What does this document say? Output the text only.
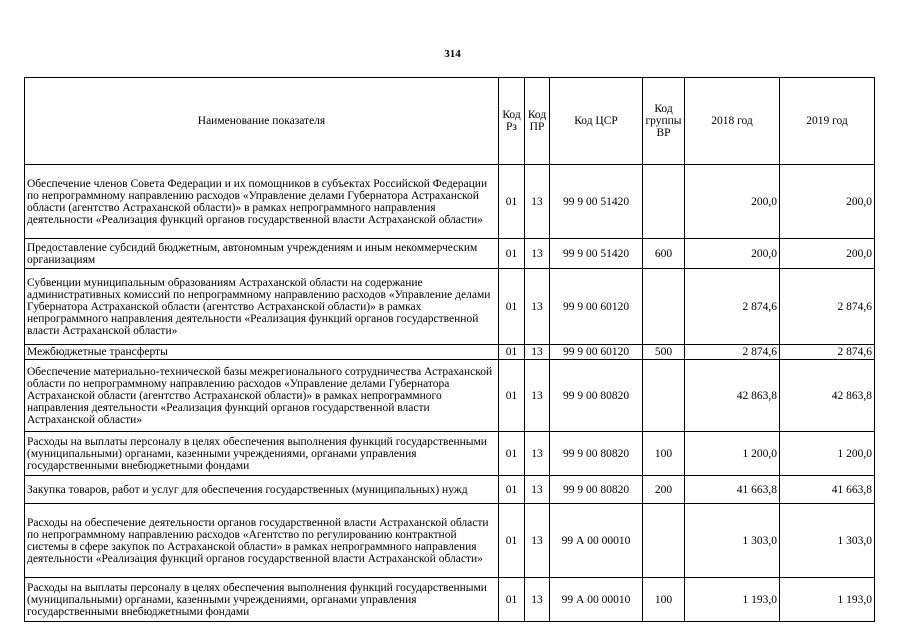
314
Наименование показателя	Код Рз	Код ПР	Код ЦСР	Код группы ВР	2018 год	2019 год
Обеспечение членов Совета Федерации и их помощников в субъектах Российской Федерации по непрограммному направлению расходов «Управление делами Губернатора Астраханской области (агентство Астраханской области)» в рамках непрограммного направления деятельности «Реализация функций органов государственной власти Астраханской области»	01	13	99 9 00 51420		200,0	200,0
Предоставление субсидий бюджетным, автономным учреждениям и иным некоммерческим организациям	01	13	99 9 00 51420	600	200,0	200,0
Субвенции муниципальным образованиям Астраханской области на содержание административных комиссий по непрограммному направлению расходов «Управление делами Губернатора Астраханской области (агентство Астраханской области)» в рамках непрограммного направления деятельности «Реализация функций органов государственной власти Астраханской области»	01	13	99 9 00 60120		2 874,6	2 874,6
Межбюджетные трансферты	01	13	99 9 00 60120	500	2 874,6	2 874,6
Обеспечение материально-технической базы межрегионального сотрудничества Астраханской области по непрограммному направлению расходов «Управление делами Губернатора Астраханской области (агентство Астраханской области)» в рамках непрограммного направления деятельности «Реализация функций органов государственной власти Астраханской области»	01	13	99 9 00 80820		42 863,8	42 863,8
Расходы на выплаты персоналу в целях обеспечения выполнения функций государственными (муниципальными) органами, казенными учреждениями, органами управления государственными внебюджетными фондами	01	13	99 9 00 80820	100	1 200,0	1 200,0
Закупка товаров, работ и услуг для обеспечения государственных (муниципальных) нужд	01	13	99 9 00 80820	200	41 663,8	41 663,8
Расходы на обеспечение деятельности органов государственной власти Астраханской области по непрограммному направлению расходов «Агентство по регулированию контрактной системы в сфере закупок по Астраханской области» в рамках непрограммного направления деятельности «Реализация функций органов государственной власти Астраханской области»	01	13	99 А 00 00010		1 303,0	1 303,0
Расходы на выплаты персоналу в целях обеспечения выполнения функций государственными (муниципальными) органами, казенными учреждениями, органами управления государственными внебюджетными фондами	01	13	99 А 00 00010	100	1 193,0	1 193,0
